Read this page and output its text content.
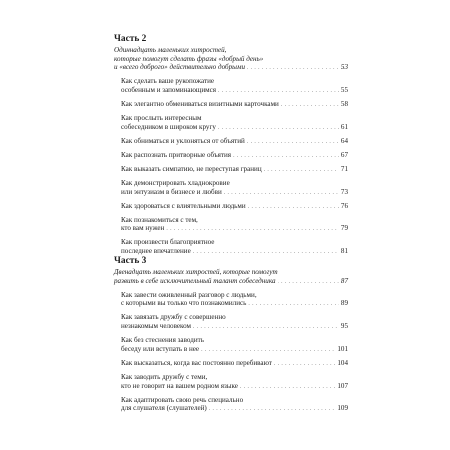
Часть 2
Одиннадцать маленьких хитростей,
которые помогут сделать фразы «добрый день»
и «всего доброго» действительно добрыми . . .	53
Как сделать ваше рукопожатие
особенным и запоминающимся . . .	55
Как элегантно обмениваться визитными карточками . . .	58
Как прослыть интересным
собеседником в широком кругу . . .	61
Как обниматься и уклоняться от объятий . . .	64
Как распознать притворные объятия . . .	67
Как выказать симпатию, не переступая границ . . .	71
Как демонстрировать хладнокровие
или энтузиазм в бизнесе и любви . . .	73
Как здороваться с влиятельными людьми . . .	76
Как познакомиться с тем,
кто вам нужен . . .	79
Как произвести благоприятное
последнее впечатление . . .	81
Часть 3
Двенадцать маленьких хитростей, которые помогут
развить в себе исключительный талант собеседника . . .	87
Как завести оживленный разговор с людьми,
с которыми вы только что познакомились . . .	89
Как завязать дружбу с совершенно
незнакомым человеком . . .	95
Как без стеснения заводить
беседу или вступать в нее . . .	101
Как высказаться, когда вас постоянно перебивают . . .	104
Как заводить дружбу с теми,
кто не говорит на вашем родном языке . . .	107
Как адаптировать свою речь специально
для слушателя (слушателей) . . .	109
